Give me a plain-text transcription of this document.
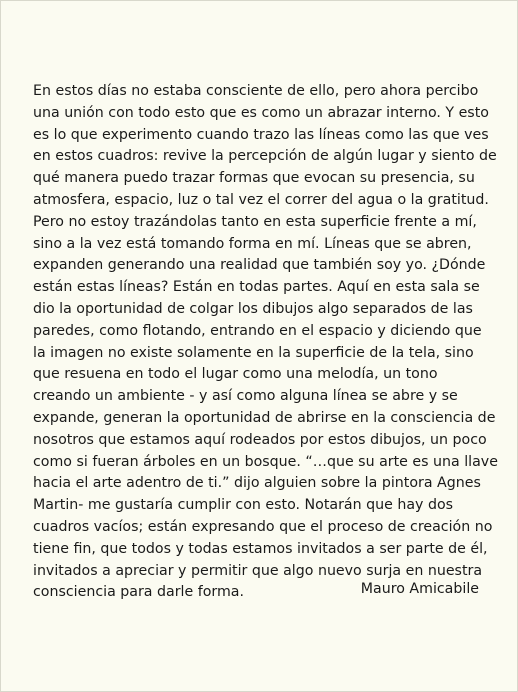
En estos días no estaba consciente de ello, pero ahora percibo
una unión con todo esto que es como un abrazar interno. Y esto
es lo que experimento cuando trazo las líneas como las que ves
en estos cuadros: revive la percepción de algún lugar y siento de
qué manera puedo trazar formas que evocan su presencia, su
atmosfera, espacio, luz o tal vez el correr del agua o la gratitud.
Pero no estoy trazándolas tanto en esta superficie frente a mí,
sino a la vez está tomando forma en mí. Líneas que se abren,
expanden generando una realidad que también soy yo. ¿Dónde
están estas líneas? Están en todas partes. Aquí en esta sala se
dio la oportunidad de colgar los dibujos algo separados de las
paredes, como flotando, entrando en el espacio y diciendo que
la imagen no existe solamente en la superficie de la tela, sino
que resuena en todo el lugar como una melodía, un tono
creando un ambiente - y así como alguna línea se abre y se
expande, generan la oportunidad de abrirse en la consciencia de
nosotros que estamos aquí rodeados por estos dibujos, un poco
como si fueran árboles en un bosque. “…que su arte es una llave
hacia el arte adentro de ti.” dijo alguien sobre la pintora Agnes
Martin- me gustaría cumplir con esto. Notarán que hay dos
cuadros vacíos; están expresando que el proceso de creación no
tiene fin, que todos y todas estamos invitados a ser parte de él,
invitados a apreciar y permitir que algo nuevo surja en nuestra
consciencia para darle forma.	Mauro Amicabile
